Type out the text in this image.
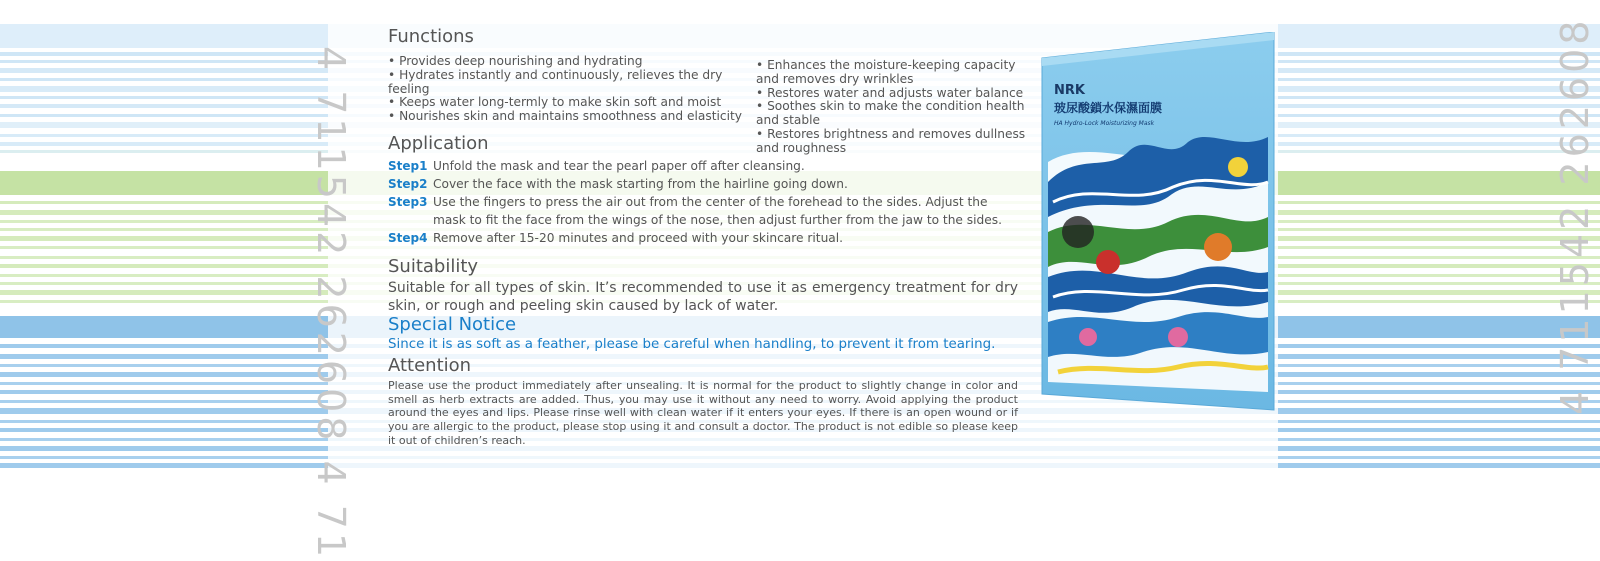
4 711542 262608 4 71	4 711542 262608
Functions
• Provides deep nourishing and hydrating
• Hydrates instantly and continuously, relieves the dry feeling
• Keeps water long-termly to make skin soft and moist
• Nourishes skin and maintains smoothness and elasticity
• Enhances the moisture-keeping capacity and removes dry wrinkles
• Restores water and adjusts water balance
• Soothes skin to make the condition health and stable
• Restores brightness and removes dullness and roughness
Application
Step1 Unfold the mask and tear the pearl paper off after cleansing.
Step2 Cover the face with the mask starting from the hairline going down.
Step3 Use the fingers to press the air out from the center of the forehead to the sides. Adjust the mask to fit the face from the wings of the nose, then adjust further from the jaw to the sides.
Step4 Remove after 15-20 minutes and proceed with your skincare ritual.
Suitability
Suitable for all types of skin. It’s recommended to use it as emergency treatment for dry skin, or rough and peeling skin caused by lack of water.
Special Notice
Since it is as soft as a feather, please be careful when handling, to prevent it from tearing.
Attention
Please use the product immediately after unsealing. It is normal for the product to slightly change in color and smell as herb extracts are added. Thus, you may use it without any need to worry. Avoid applying the product around the eyes and lips. Please rinse well with clean water if it enters your eyes. If there is an open wound or if you are allergic to the product, please stop using it and consult a doctor. The product is not edible so please keep it out of children’s reach.
NRK
玻尿酸鎖水保濕面膜
HA Hydro-Lock Moisturizing Mask
